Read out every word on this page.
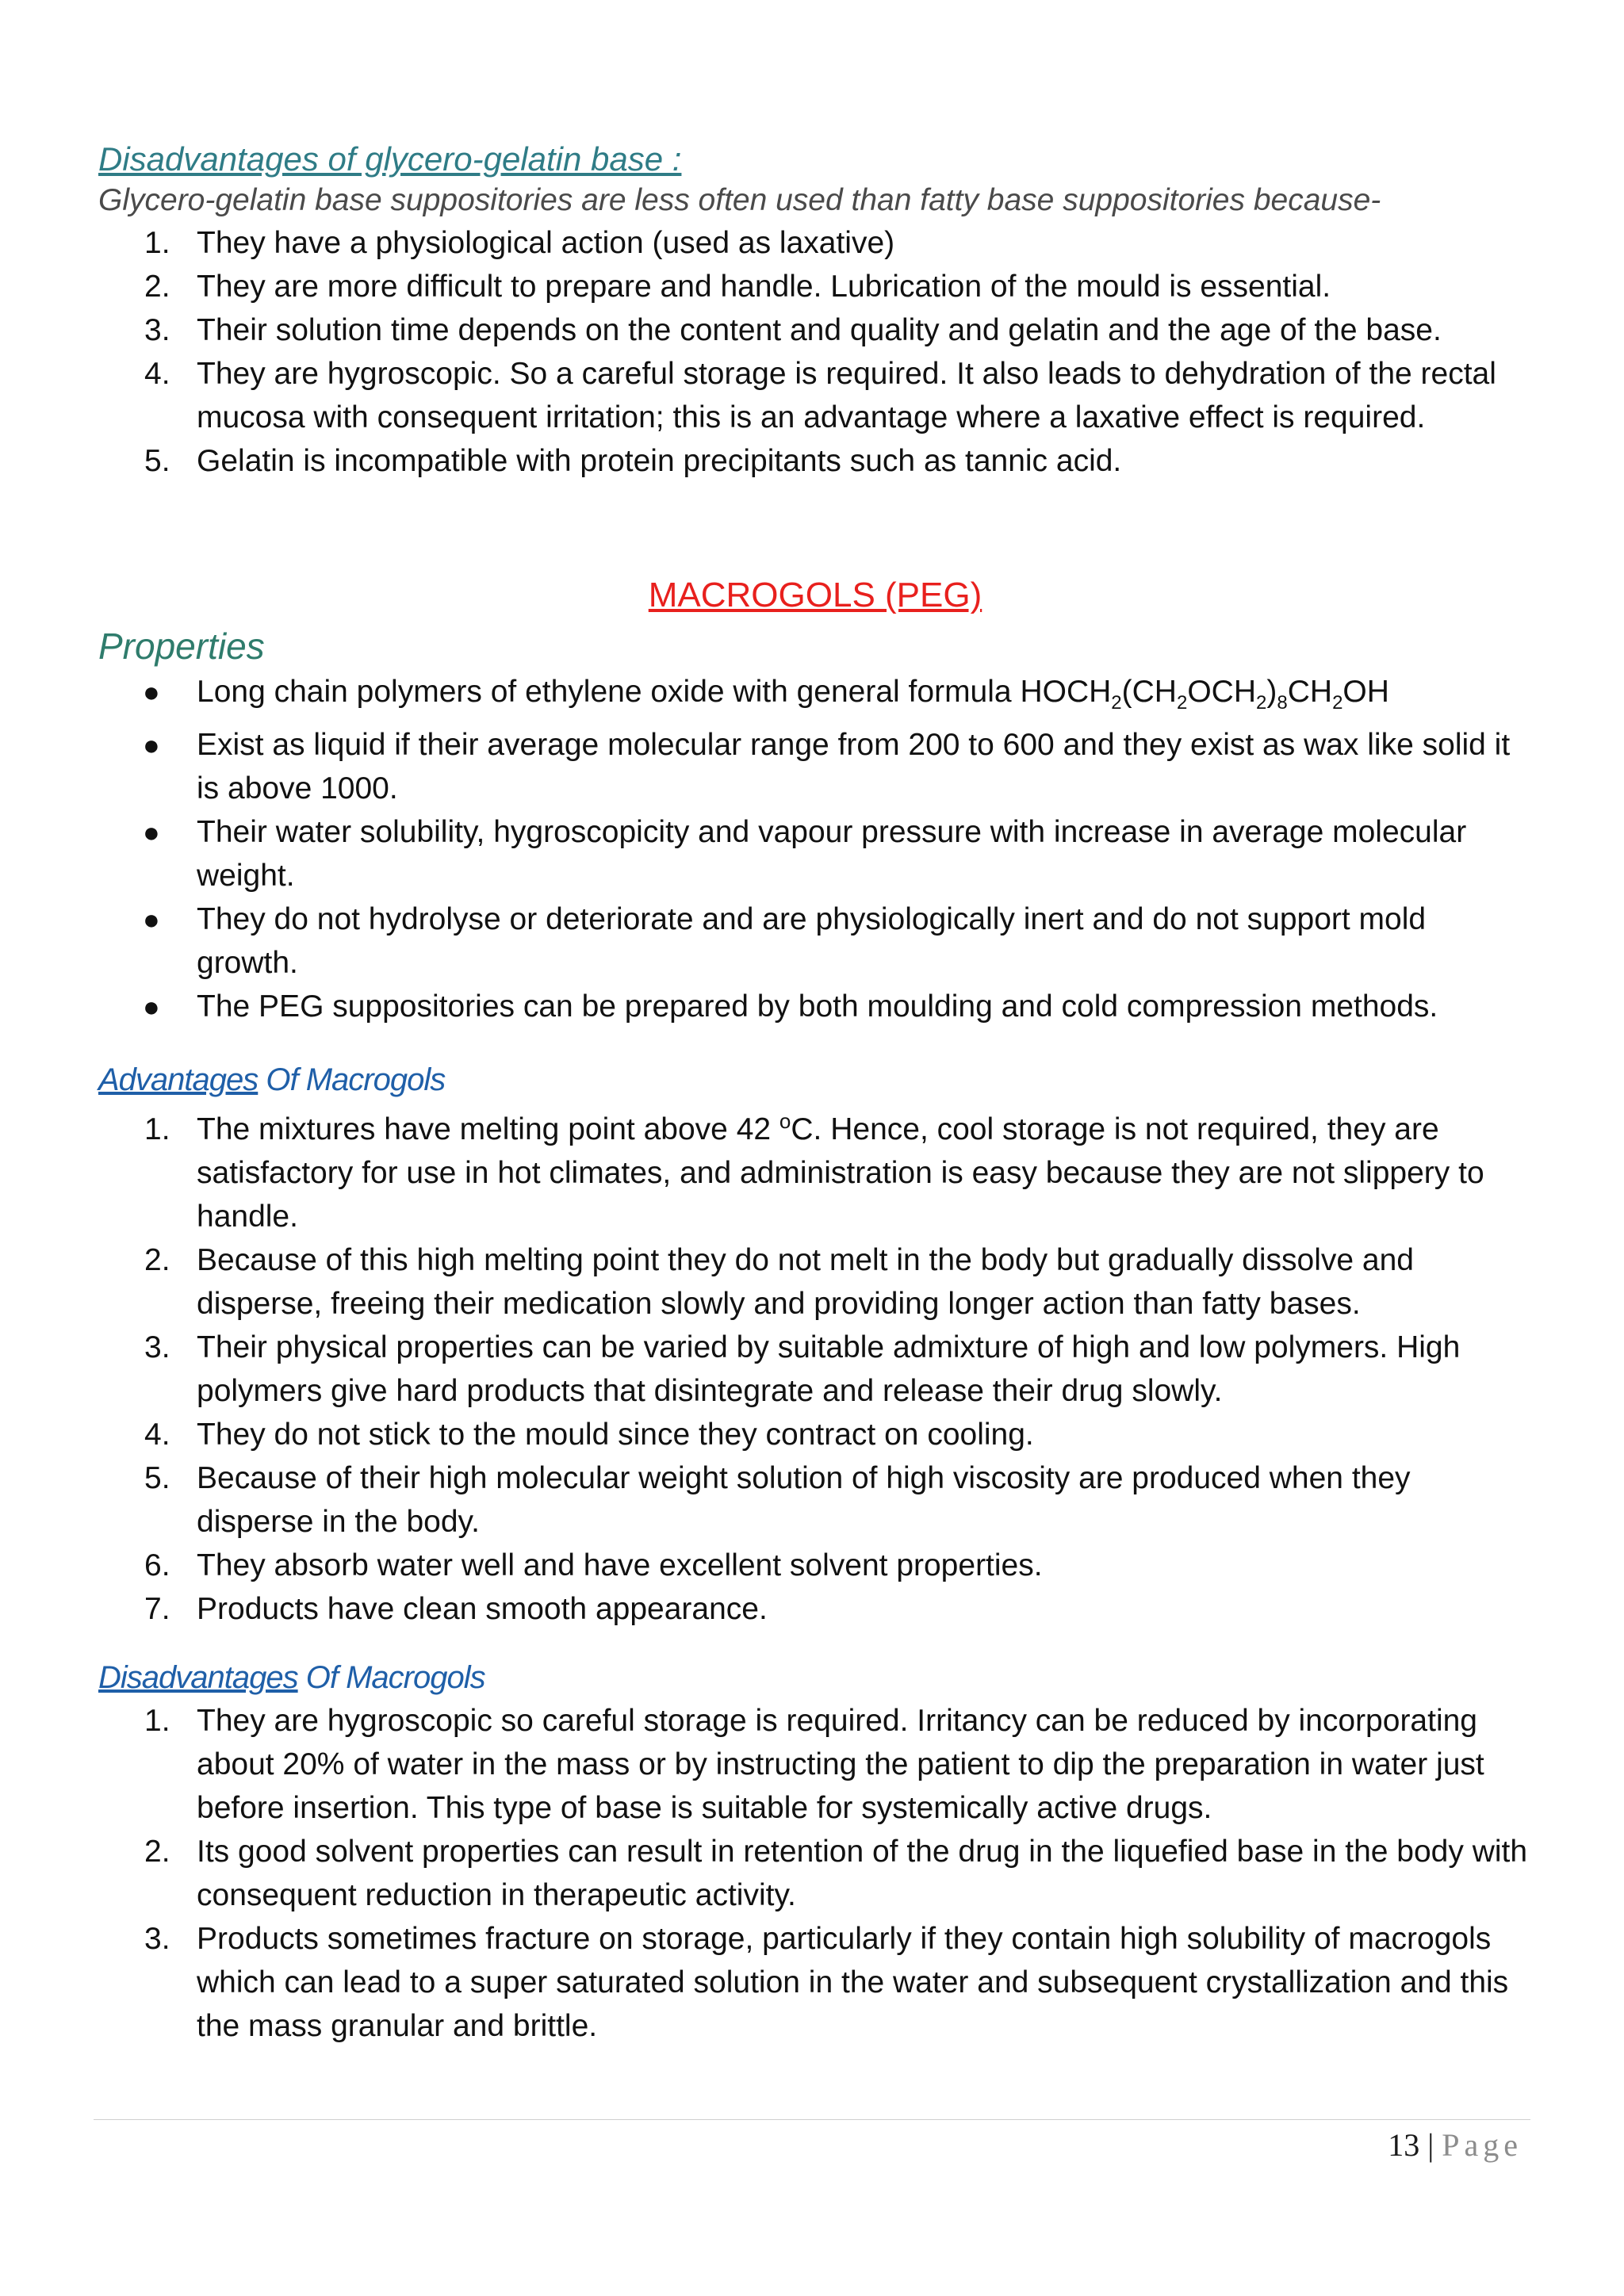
Disadvantages of glycero-gelatin base :

Glycero-gelatin base suppositories are less often used than fatty base suppositories because-

1. They have a physiological action (used as laxative)
2. They are more difficult to prepare and handle. Lubrication of the mould is essential.
3. Their solution time depends on the content and quality and gelatin and the age of the base.
4. They are hygroscopic. So a careful storage is required. It also leads to dehydration of the rectal mucosa with consequent irritation; this is an advantage where a laxative effect is required.
5. Gelatin is incompatible with protein precipitants such as tannic acid.

MACROGOLS (PEG)

Properties

● Long chain polymers of ethylene oxide with general formula $HOCH_2(CH_2OCH_2)_8CH_2OH$
● Exist as liquid if their average molecular range from 200 to 600 and they exist as wax like solid it is above 1000.
● Their water solubility, hygroscopicity and vapour pressure with increase in average molecular weight.
● They do not hydrolyse or deteriorate and are physiologically inert and do not support mold growth.
● The PEG suppositories can be prepared by both moulding and cold compression methods.

Advantages Of Macrogols

1. The mixtures have melting point above 42 $^o$C. Hence, cool storage is not required, they are satisfactory for use in hot climates, and administration is easy because they are not slippery to handle.
2. Because of this high melting point they do not melt in the body but gradually dissolve and disperse, freeing their medication slowly and providing longer action than fatty bases.
3. Their physical properties can be varied by suitable admixture of high and low polymers. High polymers give hard products that disintegrate and release their drug slowly.
4. They do not stick to the mould since they contract on cooling.
5. Because of their high molecular weight solution of high viscosity are produced when they disperse in the body.
6. They absorb water well and have excellent solvent properties.
7. Products have clean smooth appearance.

Disadvantages Of Macrogols

1. They are hygroscopic so careful storage is required. Irritancy can be reduced by incorporating about 20% of water in the mass or by instructing the patient to dip the preparation in water just before insertion. This type of base is suitable for systemically active drugs.
2. Its good solvent properties can result in retention of the drug in the liquefied base in the body with consequent reduction in therapeutic activity.
3. Products sometimes fracture on storage, particularly if they contain high solubility of macrogols which can lead to a super saturated solution in the water and subsequent crystallization and this the mass granular and brittle.
13 | Page
